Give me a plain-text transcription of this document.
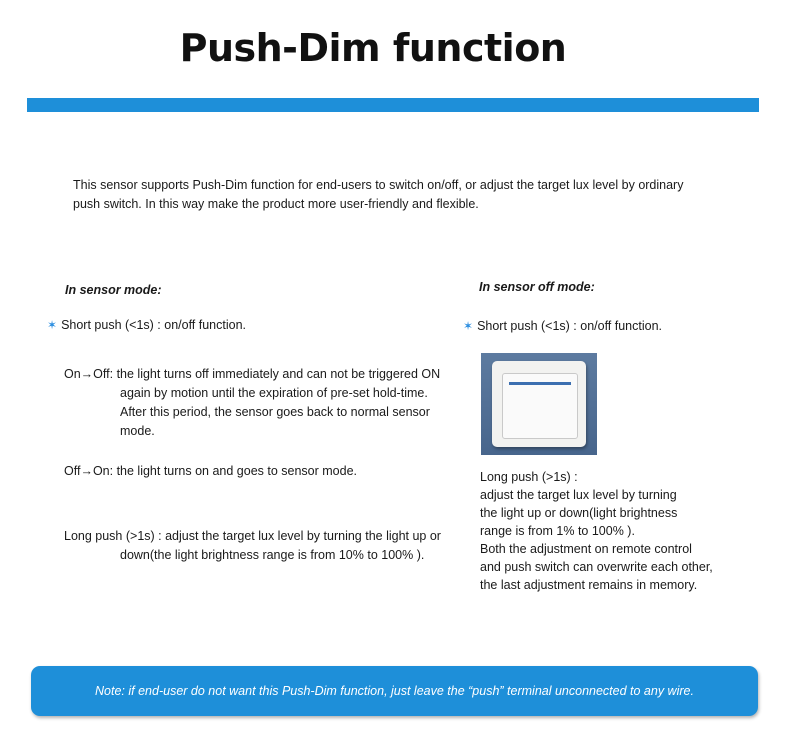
Push-Dim function
This sensor supports Push-Dim function for end-users to switch on/off, or adjust the target lux level by ordinary push switch. In this way make the product more user-friendly and flexible.
In sensor mode:
✶ Short push (<1s) : on/off function.
On→Off: the light turns off immediately and can not be triggered ON again by motion until the expiration of pre-set hold-time. After this period, the sensor goes back to normal sensor mode.
Off→On: the light turns on and goes to sensor mode.
Long push (>1s) : adjust the target lux level by turning the light up or down(the light brightness range is from 10% to 100% ).
In sensor off mode:
✶ Short push (<1s) : on/off function.
Long push (>1s) :
adjust the target lux level by turning
the light up or down(light brightness
range is from 1% to 100% ).
Both the adjustment on remote control
and push switch can overwrite each other,
the last adjustment remains in memory.
Note: if end-user do not want this Push-Dim function, just leave the “push” terminal unconnected to any wire.
